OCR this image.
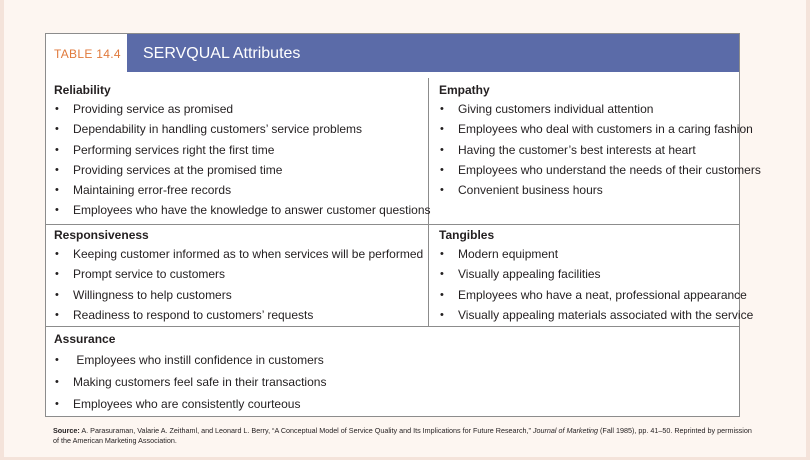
TABLE 14.4 SERVQUAL Attributes
Reliability
• Providing service as promised
• Dependability in handling customers’ service problems
• Performing services right the first time
• Providing services at the promised time
• Maintaining error-free records
• Employees who have the knowledge to answer customer questions
Empathy
• Giving customers individual attention
• Employees who deal with customers in a caring fashion
• Having the customer’s best interests at heart
• Employees who understand the needs of their customers
• Convenient business hours
Responsiveness
• Keeping customer informed as to when services will be performed
• Prompt service to customers
• Willingness to help customers
• Readiness to respond to customers’ requests
Tangibles
• Modern equipment
• Visually appealing facilities
• Employees who have a neat, professional appearance
• Visually appealing materials associated with the service
Assurance
• Employees who instill confidence in customers
• Making customers feel safe in their transactions
• Employees who are consistently courteous
Source: A. Parasuraman, Valarie A. Zeithaml, and Leonard L. Berry, “A Conceptual Model of Service Quality and Its Implications for Future Research,” Journal of Marketing (Fall 1985), pp. 41–50. Reprinted by permission of the American Marketing Association.
